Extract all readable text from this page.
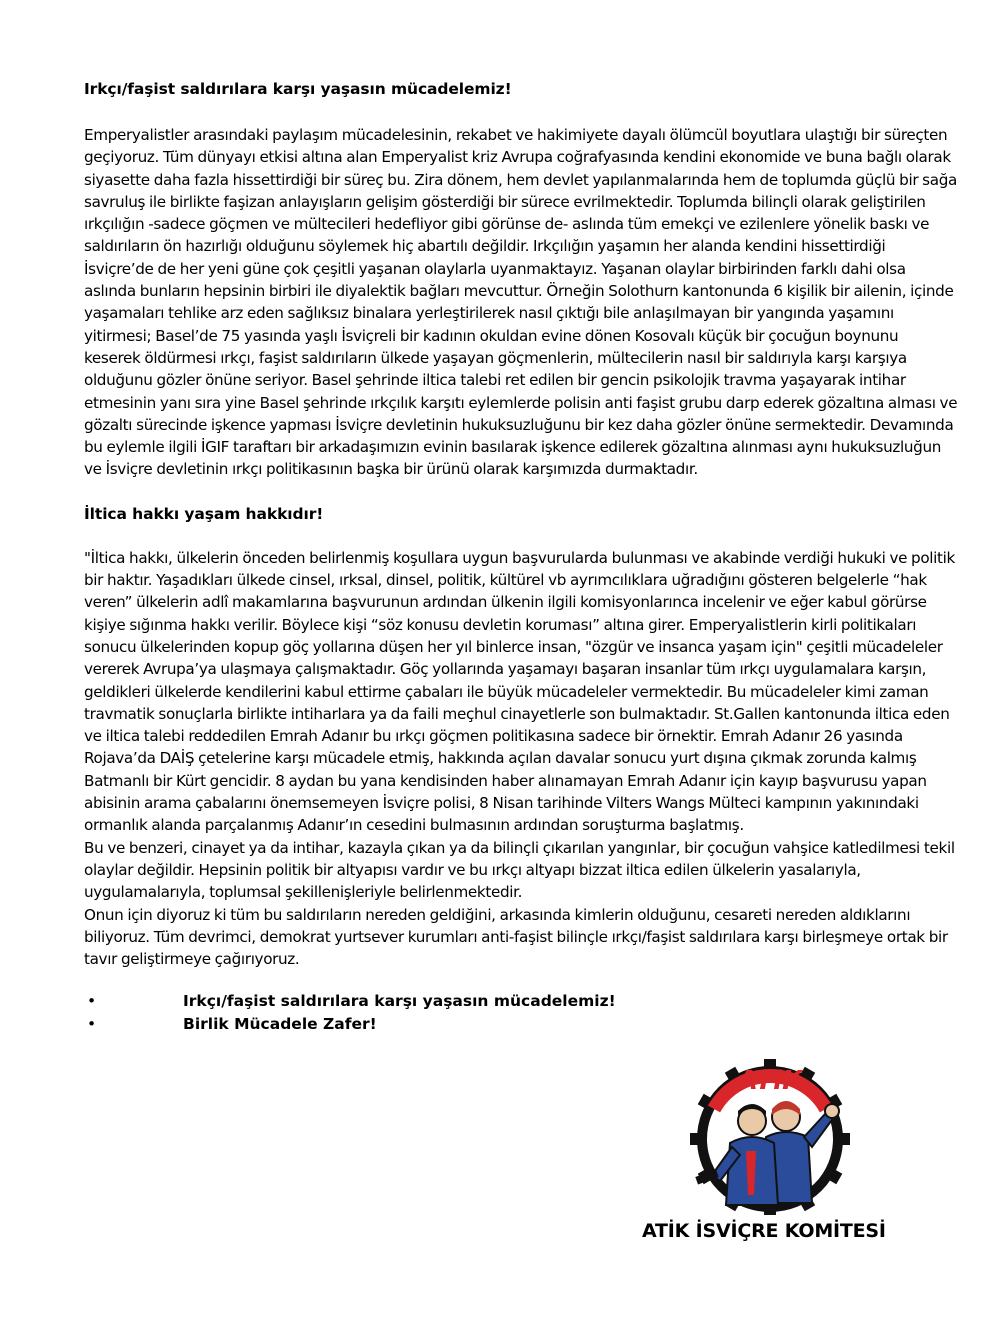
Irkçı/faşist saldırılara karşı yaşasın mücadelemiz!

Emperyalistler arasındaki paylaşım mücadelesinin, rekabet ve hakimiyete dayalı ölümcül boyutlara ulaştığı bir süreçten geçiyoruz. Tüm dünyayı etkisi altına alan Emperyalist kriz Avrupa coğrafyasında kendini ekonomide ve buna bağlı olarak siyasette daha fazla hissettirdiği bir süreç bu. Zira dönem, hem devlet yapılanmalarında hem de toplumda güçlü bir sağa savruluş ile birlikte faşizan anlayışların gelişim gösterdiği bir sürece evrilmektedir. Toplumda bilinçli olarak geliştirilen ırkçılığın -sadece göçmen ve mültecileri hedefliyor gibi görünse de- aslında tüm emekçi ve ezilenlere yönelik baskı ve saldırıların ön hazırlığı olduğunu söylemek hiç abartılı değildir. Irkçılığın yaşamın her alanda kendini hissettirdiği İsviçre’de de her yeni güne çok çeşitli yaşanan olaylarla uyanmaktayız. Yaşanan olaylar birbirinden farklı dahi olsa aslında bunların hepsinin birbiri ile diyalektik bağları mevcuttur. Örneğin Solothurn kantonunda 6 kişilik bir ailenin, içinde yaşamaları tehlike arz eden sağlıksız binalara yerleştirilerek nasıl çıktığı bile anlaşılmayan bir yangında yaşamını yitirmesi; Basel’de 75 yasında yaşlı İsviçreli bir kadının okuldan evine dönen Kosovalı küçük bir çocuğun boynunu keserek öldürmesi ırkçı, faşist saldırıların ülkede yaşayan göçmenlerin, mültecilerin nasıl bir saldırıyla karşı karşıya olduğunu gözler önüne seriyor. Basel şehrinde iltica talebi ret edilen bir gencin psikolojik travma yaşayarak intihar etmesinin yanı sıra yine Basel şehrinde ırkçılık karşıtı eylemlerde polisin anti faşist grubu darp ederek gözaltına alması ve gözaltı sürecinde işkence yapması İsviçre devletinin hukuksuzluğunu bir kez daha gözler önüne sermektedir. Devamında bu eylemle ilgili İGIF taraftarı bir arkadaşımızın evinin basılarak işkence edilerek gözaltına alınması aynı hukuksuzluğun ve İsviçre devletinin ırkçı politikasının başka bir ürünü olarak karşımızda durmaktadır.

İltica hakkı yaşam hakkıdır!

"İltica hakkı, ülkelerin önceden belirlenmiş koşullara uygun başvurularda bulunması ve akabinde verdiği hukuki ve politik bir haktır. Yaşadıkları ülkede cinsel, ırksal, dinsel, politik, kültürel vb ayrımcılıklara uğradığını gösteren belgelerle “hak veren” ülkelerin adlî makamlarına başvurunun ardından ülkenin ilgili komisyonlarınca incelenir ve eğer kabul görürse kişiye sığınma hakkı verilir. Böylece kişi “söz konusu devletin koruması” altına girer. Emperyalistlerin kirli politikaları sonucu ülkelerinden kopup göç yollarına düşen her yıl binlerce insan, "özgür ve insanca yaşam için" çeşitli mücadeleler vererek Avrupa’ya ulaşmaya çalışmaktadır. Göç yollarında yaşamayı başaran insanlar tüm ırkçı uygulamalara karşın, geldikleri ülkelerde kendilerini kabul ettirme çabaları ile büyük mücadeleler vermektedir. Bu mücadeleler kimi zaman travmatik sonuçlarla birlikte intiharlara ya da faili meçhul cinayetlerle son bulmaktadır. St.Gallen kantonunda iltica eden ve iltica talebi reddedilen Emrah Adanır bu ırkçı göçmen politikasına sadece bir örnektir. Emrah Adanır 26 yasında Rojava’da DAİŞ çetelerine karşı mücadele etmiş, hakkında açılan davalar sonucu yurt dışına çıkmak zorunda kalmış Batmanlı bir Kürt gencidir. 8 aydan bu yana kendisinden haber alınamayan Emrah Adanır için kayıp başvurusu yapan abisinin arama çabalarını önemsemeyen İsviçre polisi, 8 Nisan tarihinde Vilters Wangs Mülteci kampının yakınındaki ormanlık alanda parçalanmış Adanır’ın cesedini bulmasının ardından soruşturma başlatmış.

Bu ve benzeri, cinayet ya da intihar, kazayla çıkan ya da bilinçli çıkarılan yangınlar, bir çocuğun vahşice katledilmesi tekil olaylar değildir. Hepsinin politik bir altyapısı vardır ve bu ırkçı altyapı bizzat iltica edilen ülkelerin yasalarıyla, uygulamalarıyla, toplumsal şekillenişleriyle belirlenmektedir.

Onun için diyoruz ki tüm bu saldırıların nereden geldiğini, arkasında kimlerin olduğunu, cesareti nereden aldıklarını biliyoruz. Tüm devrimci, demokrat yurtsever kurumları anti-faşist bilinçle ırkçı/faşist saldırılara karşı birleşmeye ortak bir tavır geliştirmeye çağırıyoruz.

•	Irkçı/faşist saldırılara karşı yaşasın mücadelemiz!
•	Birlik Mücadele Zafer!
ATiK
ATİK İSVİÇRE KOMİTESİ
